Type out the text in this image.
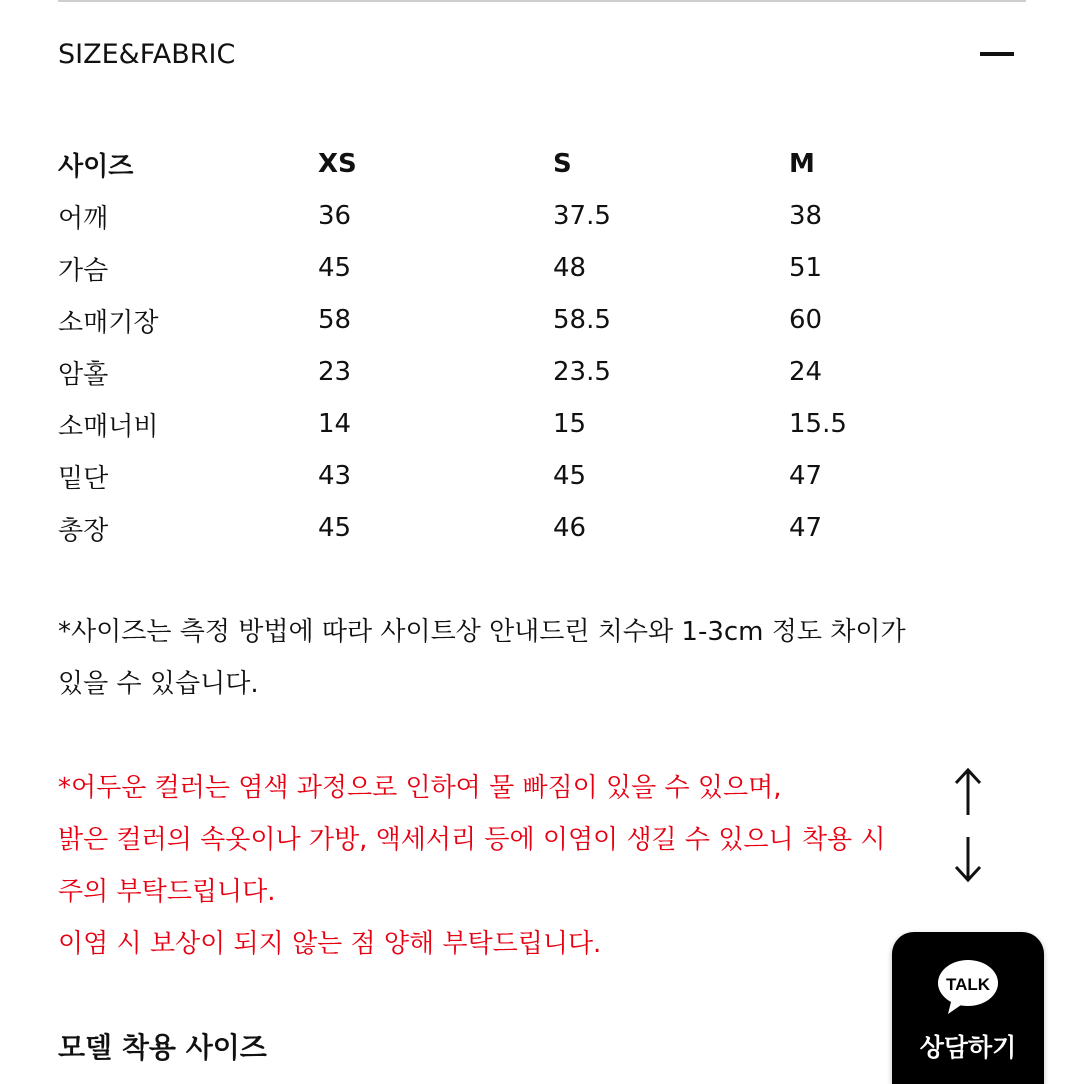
SIZE&FABRIC
사이즈	XS	S	M
어깨	36	37.5	38
가슴	45	48	51
소매기장	58	58.5	60
암홀	23	23.5	24
소매너비	14	15	15.5
밑단	43	45	47
총장	45	46	47

*사이즈는 측정 방법에 따라 사이트상 안내드린 치수와 1-3cm 정도 차이가

있을 수 있습니다.

*어두운 컬러는 염색 과정으로 인하여 물 빠짐이 있을 수 있으며,

밝은 컬러의 속옷이나 가방, 액세서리 등에 이염이 생길 수 있으니 착용 시

주의 부탁드립니다.

이염 시 보상이 되지 않는 점 양해 부탁드립니다.

모델 착용 사이즈
TALK
상담하기
